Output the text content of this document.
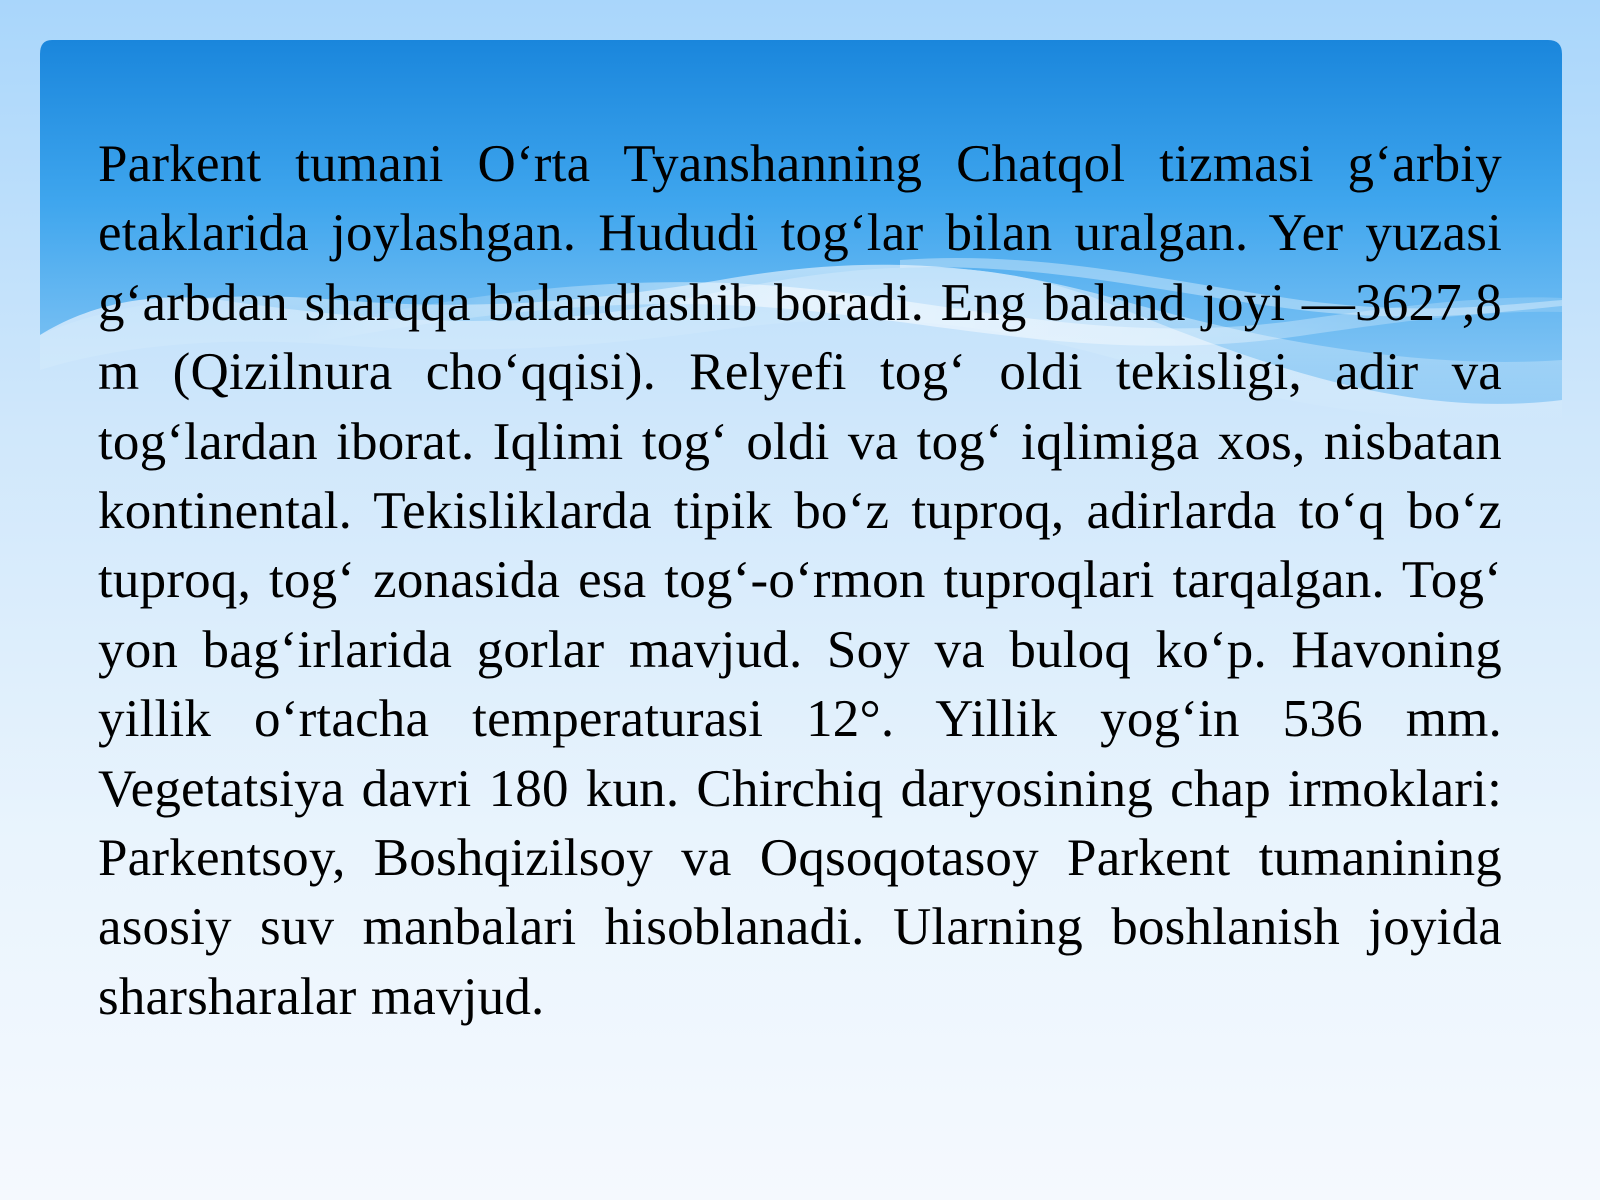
Parkent tumani O‘rta Tyanshanning Chatqol tizmasi g‘arbiy etaklarida joylashgan. Hududi tog‘lar bilan uralgan. Yer yuzasi g‘arbdan sharqqa balandlashib boradi. Eng baland joyi —3627,8 m (Qizilnura cho‘qqisi). Relyefi tog‘ oldi tekisligi, adir va tog‘lardan iborat. Iqlimi tog‘ oldi va tog‘ iqlimiga xos, nisbatan kontinental. Tekisliklarda tipik bo‘z tuproq, adirlarda to‘q bo‘z tuproq, tog‘ zonasida esa tog‘-o‘rmon tuproqlari tarqalgan. Tog‘ yon bag‘irlarida gorlar mavjud. Soy va buloq ko‘p. Havoning yillik o‘rtacha temperaturasi 12°. Yillik yog‘in 536 mm. Vegetatsiya davri 180 kun. Chirchiq daryosining chap irmoklari: Parkentsoy, Boshqizilsoy va Oqsoqotasoy Parkent tumanining asosiy suv manbalari hisoblanadi. Ularning boshlanish joyida sharsharalar mavjud.
